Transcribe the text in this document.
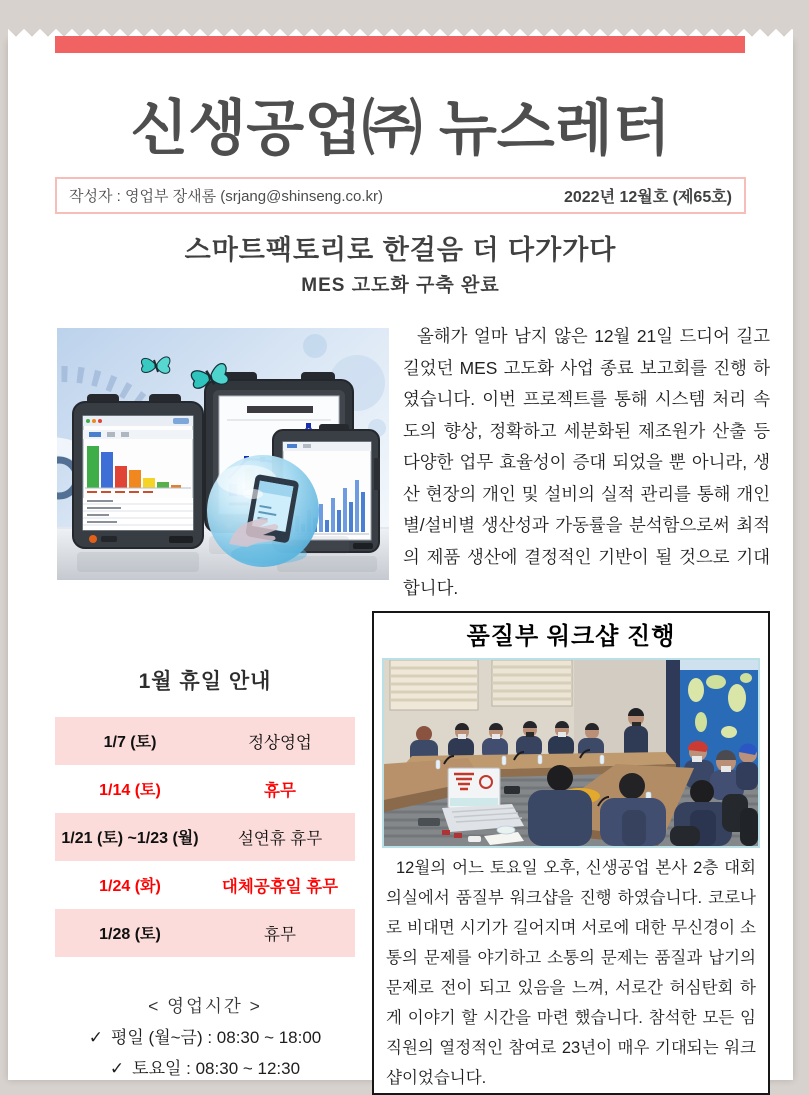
신생공업㈜ 뉴스레터
작성자 : 영업부 장새롬 (srjang@shinseng.co.kr)	2022년 12월호 (제65호)
스마트팩토리로 한걸음 더 다가가다
MES 고도화 구축 완료

올해가 얼마 남지 않은 12월 21일 드디어 길고 길었던 MES 고도화 사업 종료 보고회를 진행 하였습니다. 이번 프로젝트를 통해 시스템 처리 속도의 향상, 정확하고 세분화된 제조원가 산출 등 다양한 업무 효율성이 증대 되었을 뿐 아니라, 생산 현장의 개인 및 설비의 실적 관리를 통해 개인별/설비별 생산성과 가동률을 분석함으로써 최적의 제품 생산에 결정적인 기반이 될 것으로 기대 합니다.

1월 휴일 안내
1/7 (토)	정상영업
1/14 (토)	휴무
1/21 (토) ~1/23 (월)	설연휴 휴무
1/24 (화)	대체공휴일 휴무
1/28 (토)	휴무
< 영업시간 >
✓ 평일 (월~금) : 08:30 ~ 18:00
✓ 토요일 : 08:30 ~ 12:30
품질부 워크샵 진행

12월의 어느 토요일 오후, 신생공업 본사 2층 대회의실에서 품질부 워크샵을 진행 하였습니다. 코로나로 비대면 시기가 길어지며 서로에 대한 무신경이 소통의 문제를 야기하고 소통의 문제는 품질과 납기의 문제로 전이 되고 있음을 느껴, 서로간 허심탄회 하게 이야기 할 시간을 마련 했습니다. 참석한 모든 임직원의 열정적인 참여로 23년이 매우 기대되는 워크샵이었습니다.
